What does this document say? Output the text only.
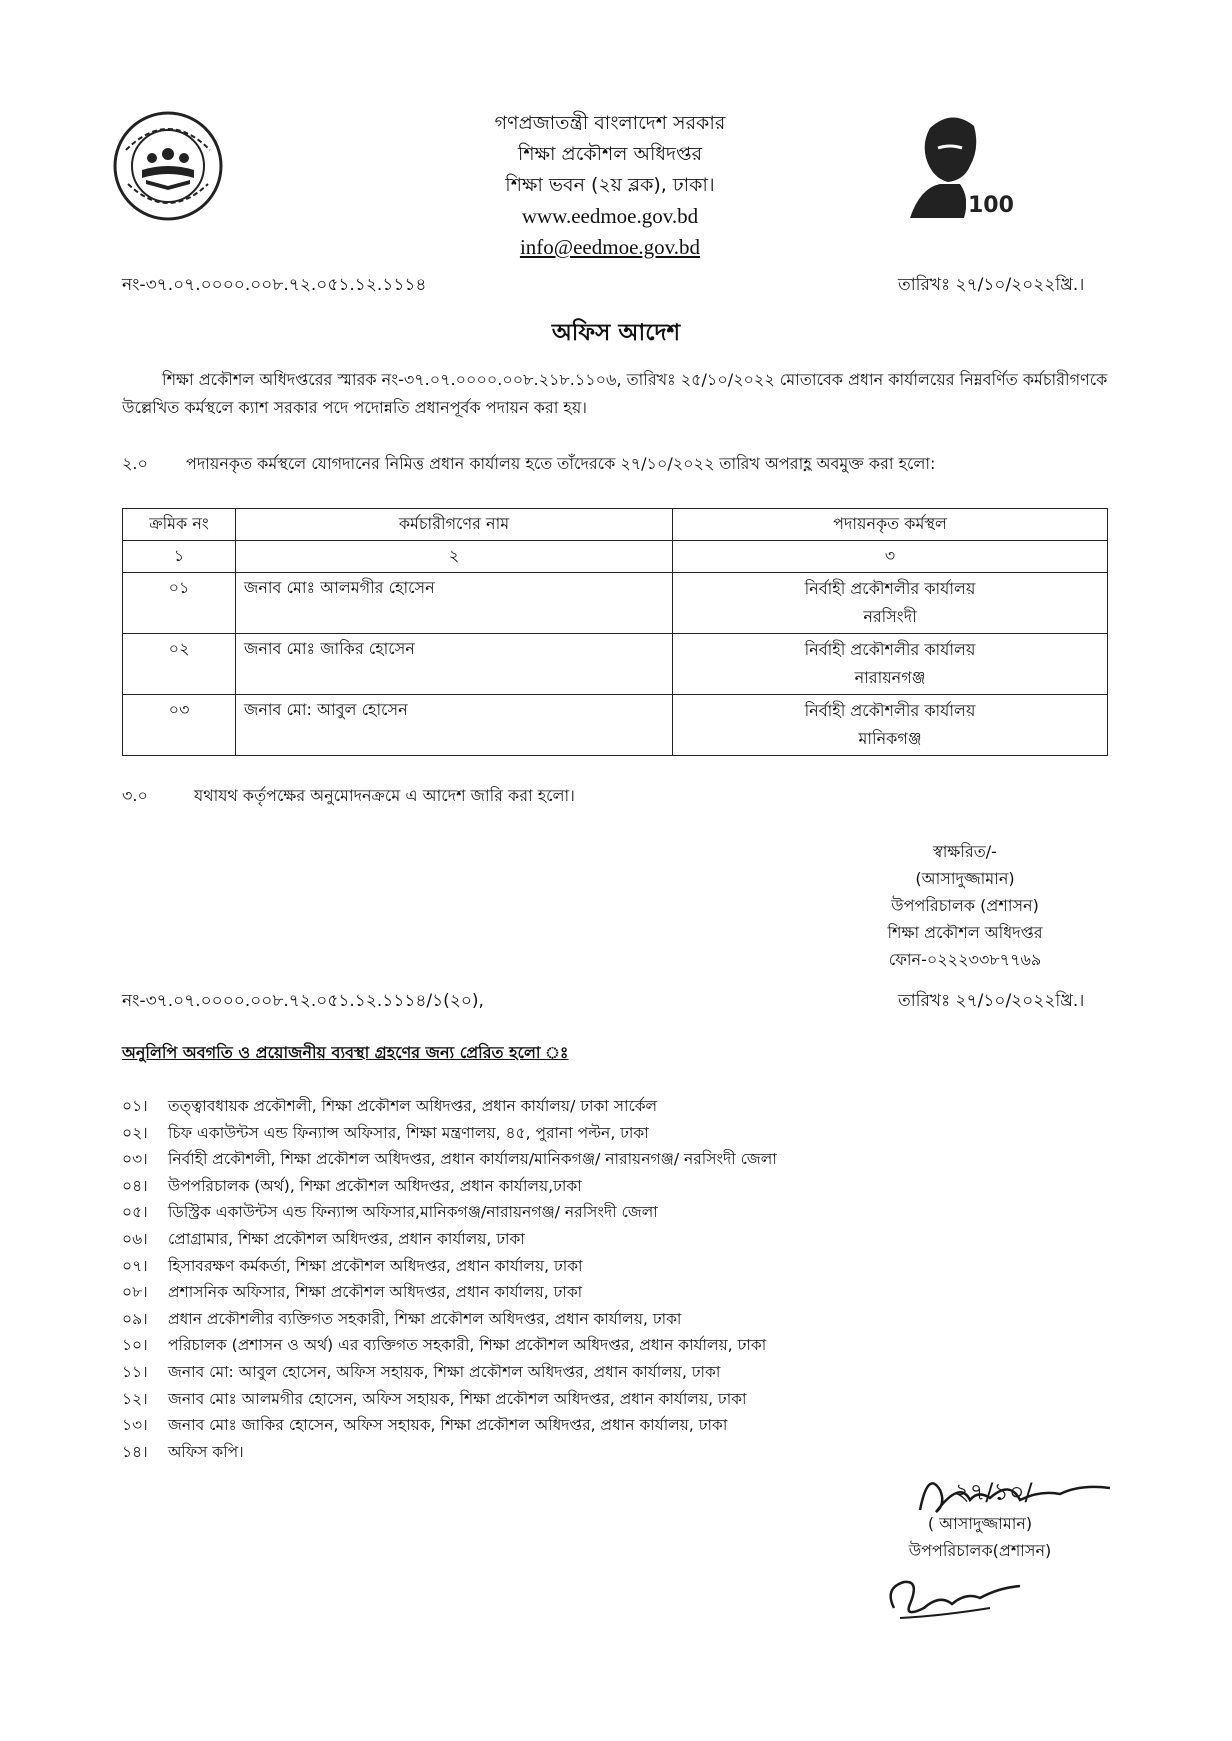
গণপ্রজাতন্ত্রী বাংলাদেশ সরকার
শিক্ষা প্রকৌশল অধিদপ্তর
শিক্ষা ভবন (২য় ব্লক), ঢাকা।
www.eedmoe.gov.bd
info@eedmoe.gov.bd
100
নং-৩৭.০৭.০০০০.০০৮.৭২.০৫১.১২.১১১৪	তারিখঃ ২৭/১০/২০২২খ্রি.।
অফিস আদেশ
শিক্ষা প্রকৌশল অধিদপ্তরের স্মারক নং-৩৭.০৭.০০০০.০০৮.২১৮.১১০৬, তারিখঃ ২৫/১০/২০২২ মোতাবেক প্রধান কার্যালয়ের নিম্নবর্ণিত কর্মচারীগণকে উল্লেখিত কর্মস্থলে ক্যাশ সরকার পদে পদোন্নতি প্রধানপূর্বক পদায়ন করা হয়।
২.০ পদায়নকৃত কর্মস্থলে যোগদানের নিমিত্ত প্রধান কার্যালয় হতে তাঁদেরকে ২৭/১০/২০২২ তারিখ অপরাহ্ণ অবমুক্ত করা হলো:
ক্রমিক নং	কর্মচারীগণের নাম	পদায়নকৃত কর্মস্থল
১	২	৩
০১	জনাব মোঃ আলমগীর হোসেন	নির্বাহী প্রকৌশলীর কার্যালয়
নরসিংদী

০২	জনাব মোঃ জাকির হোসেন	নির্বাহী প্রকৌশলীর কার্যালয়
নারায়নগঞ্জ

০৩	জনাব মো: আবুল হোসেন	নির্বাহী প্রকৌশলীর কার্যালয়
মানিকগঞ্জ
৩.০	যথাযথ কর্তৃপক্ষের অনুমোদনক্রমে এ আদেশ জারি করা হলো।
স্বাক্ষরিত/-
(আসাদুজ্জামান)
উপপরিচালক (প্রশাসন)
শিক্ষা প্রকৌশল অধিদপ্তর
ফোন-০২২২৩৩৮৭৭৬৯
নং-৩৭.০৭.০০০০.০০৮.৭২.০৫১.১২.১১১৪/১(২০),	তারিখঃ ২৭/১০/২০২২খ্রি.।
অনুলিপি অবগতি ও প্রয়োজনীয় ব্যবস্থা গ্রহণের জন্য প্রেরিত হলো ঃ
০১।	তত্ত্বাবধায়ক প্রকৌশলী, শিক্ষা প্রকৌশল অধিদপ্তর, প্রধান কার্যালয়/ ঢাকা সার্কেল
০২।	চিফ একাউন্টস এন্ড ফিন্যান্স অফিসার, শিক্ষা মন্ত্রণালয়, ৪৫, পুরানা পল্টন, ঢাকা
০৩।	নির্বাহী প্রকৌশলী, শিক্ষা প্রকৌশল অধিদপ্তর, প্রধান কার্যালয়/মানিকগঞ্জ/ নারায়নগঞ্জ/ নরসিংদী জেলা
০৪।	উপপরিচালক (অর্থ), শিক্ষা প্রকৌশল অধিদপ্তর, প্রধান কার্যালয়,ঢাকা
০৫।	ডিস্ট্রিক একাউন্টস এন্ড ফিন্যান্স অফিসার,মানিকগঞ্জ/নারায়নগঞ্জ/ নরসিংদী জেলা
০৬।	প্রোগ্রামার, শিক্ষা প্রকৌশল অধিদপ্তর, প্রধান কার্যালয়, ঢাকা
০৭।	হিসাবরক্ষণ কর্মকর্তা, শিক্ষা প্রকৌশল অধিদপ্তর, প্রধান কার্যালয়, ঢাকা
০৮।	প্রশাসনিক অফিসার, শিক্ষা প্রকৌশল অধিদপ্তর, প্রধান কার্যালয়, ঢাকা
০৯।	প্রধান প্রকৌশলীর ব্যক্তিগত সহকারী, শিক্ষা প্রকৌশল অধিদপ্তর, প্রধান কার্যালয়, ঢাকা
১০।	পরিচালক (প্রশাসন ও অর্থ) এর ব্যক্তিগত সহকারী, শিক্ষা প্রকৌশল অধিদপ্তর, প্রধান কার্যালয়, ঢাকা
১১।	জনাব মো: আবুল হোসেন, অফিস সহায়ক, শিক্ষা প্রকৌশল অধিদপ্তর, প্রধান কার্যালয়, ঢাকা
১২।	জনাব মোঃ আলমগীর হোসেন, অফিস সহায়ক, শিক্ষা প্রকৌশল অধিদপ্তর, প্রধান কার্যালয়, ঢাকা
১৩।	জনাব মোঃ জাকির হোসেন, অফিস সহায়ক, শিক্ষা প্রকৌশল অধিদপ্তর, প্রধান কার্যালয়, ঢাকা
১৪।	অফিস কপি।
২৭/১০/
( আসাদুজ্জামান)
উপপরিচালক(প্রশাসন)
